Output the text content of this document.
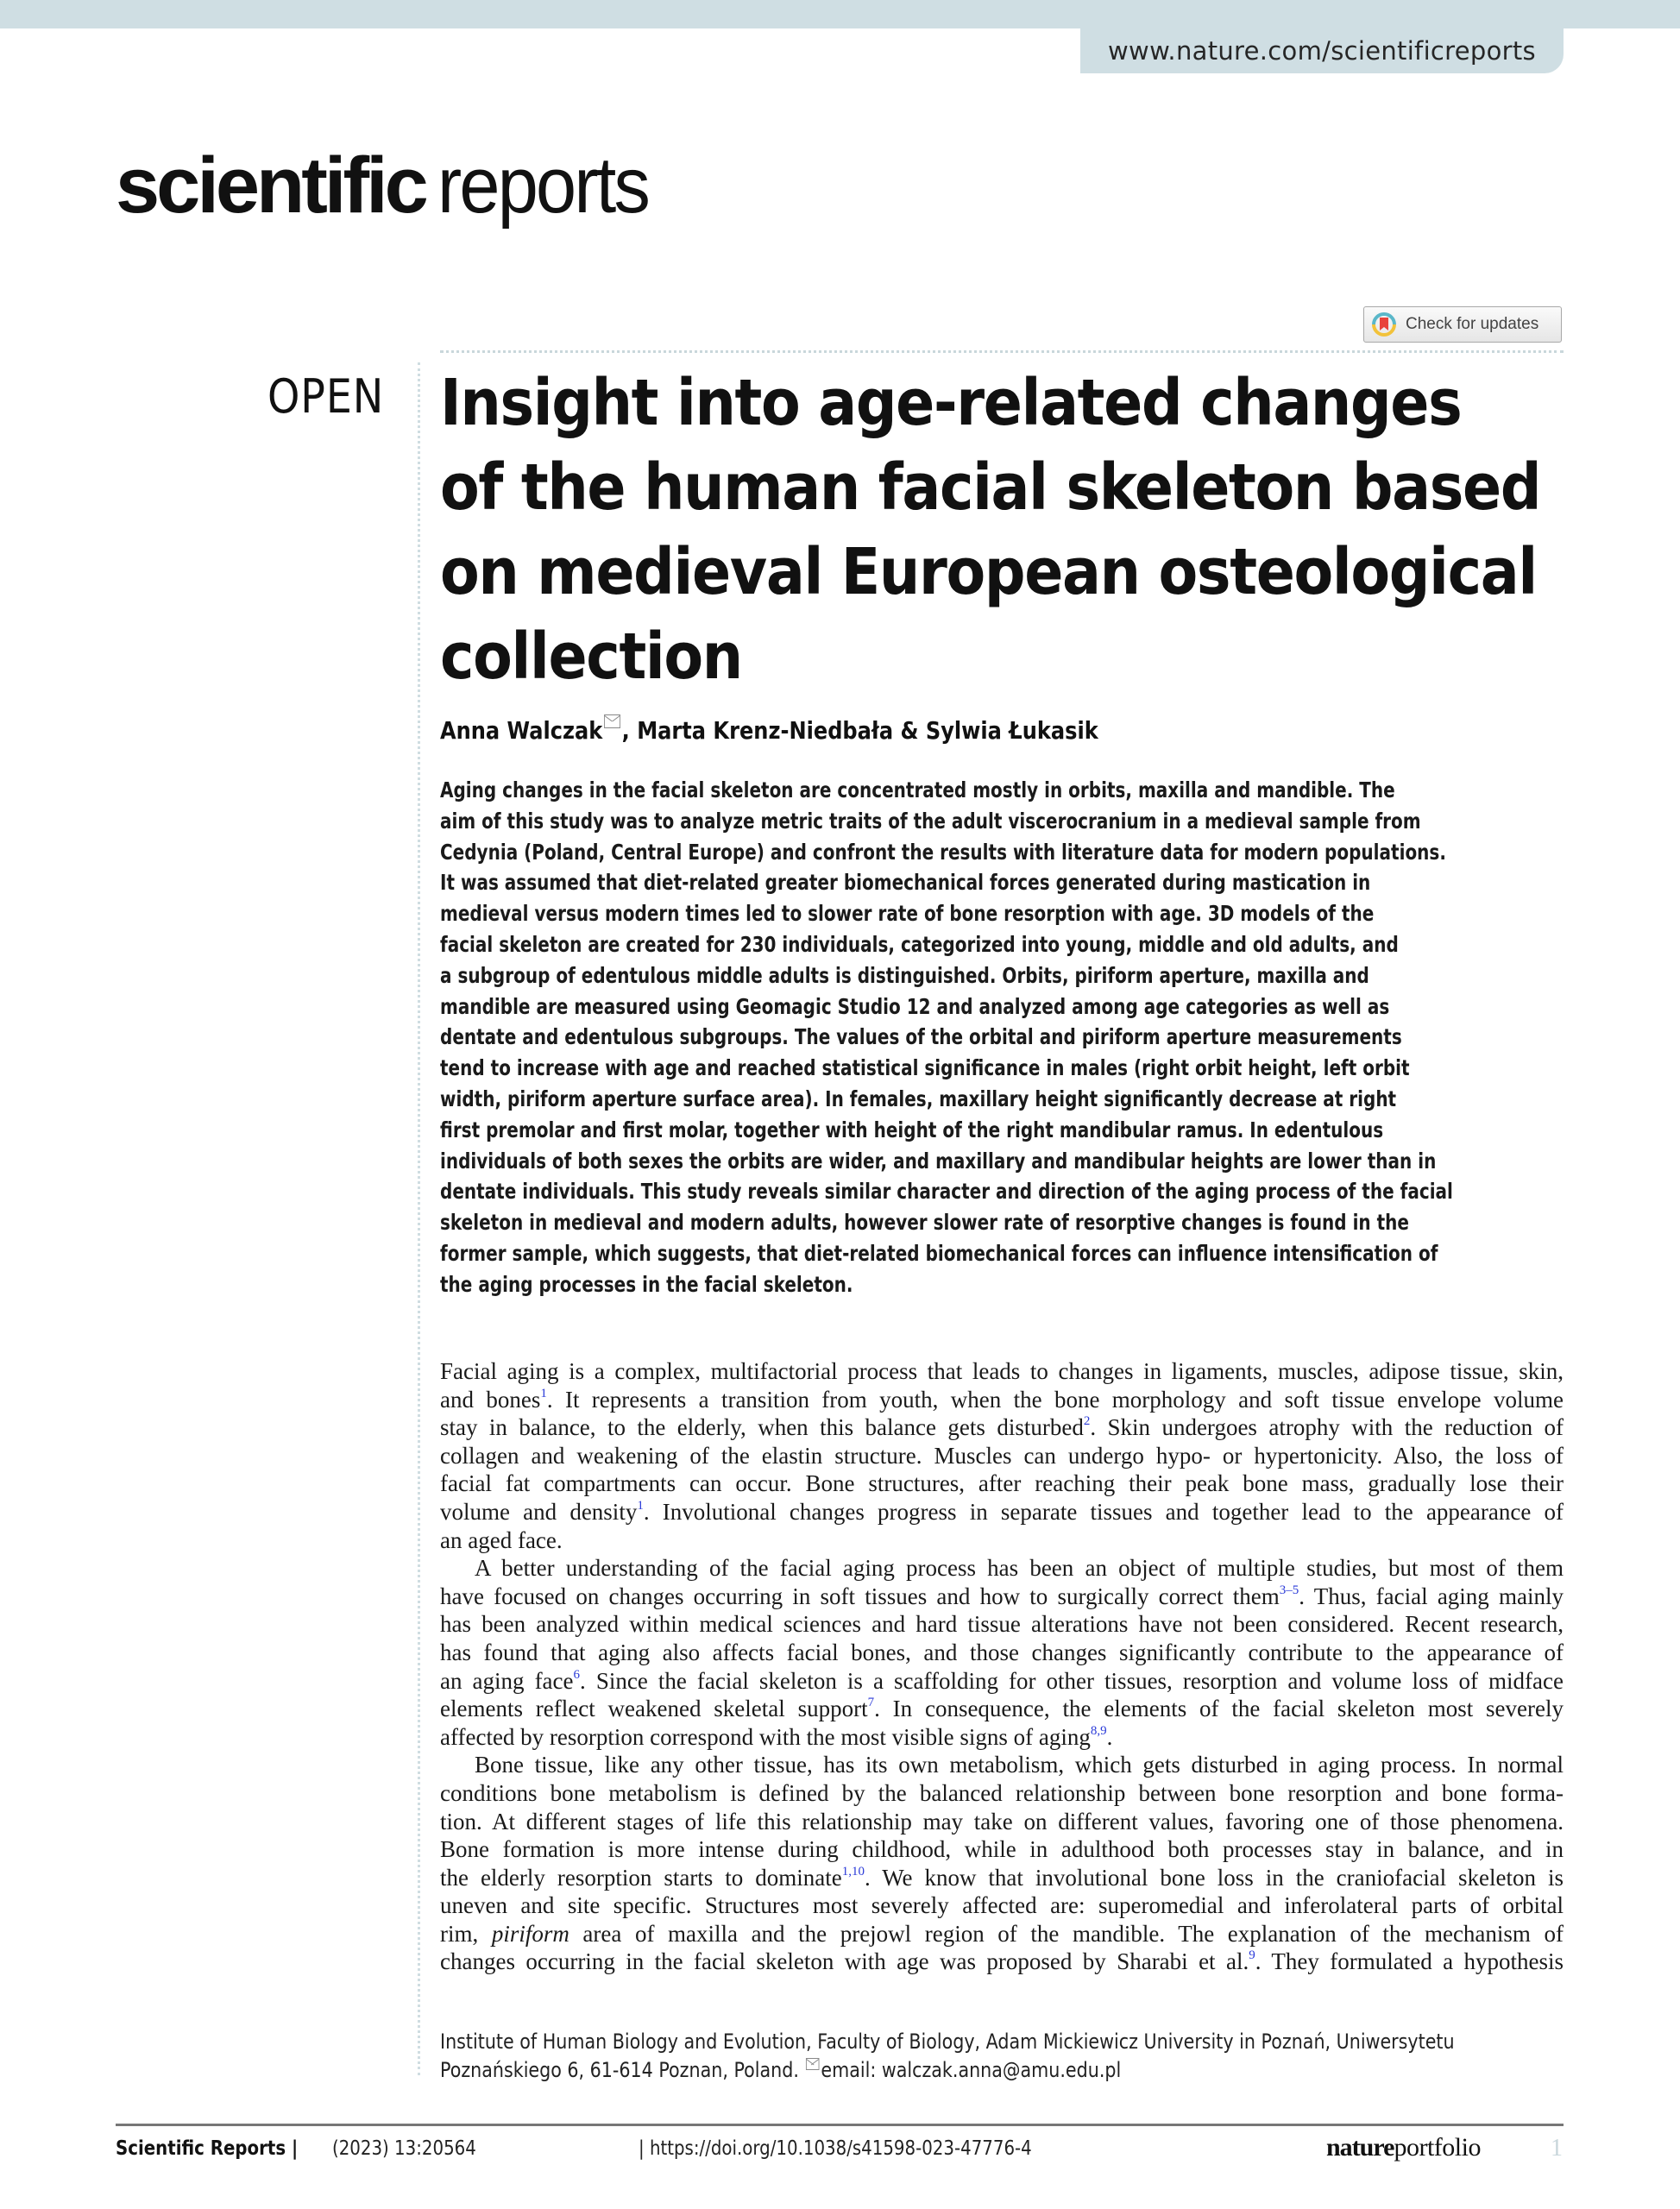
www.nature.com/scientificreports
scientific reports
Check for updates
OPEN Insight into age-related changes
of the human facial skeleton based
on medieval European osteological
collection
Anna Walczak , Marta Krenz-Niedbała & Sylwia Łukasik
Aging changes in the facial skeleton are concentrated mostly in orbits, maxilla and mandible. The
aim of this study was to analyze metric traits of the adult viscerocranium in a medieval sample from
Cedynia (Poland, Central Europe) and confront the results with literature data for modern populations.
It was assumed that diet-related greater biomechanical forces generated during mastication in
medieval versus modern times led to slower rate of bone resorption with age. 3D models of the
facial skeleton are created for 230 individuals, categorized into young, middle and old adults, and
a subgroup of edentulous middle adults is distinguished. Orbits, piriform aperture, maxilla and
mandible are measured using Geomagic Studio 12 and analyzed among age categories as well as
dentate and edentulous subgroups. The values of the orbital and piriform aperture measurements
tend to increase with age and reached statistical significance in males (right orbit height, left orbit
width, piriform aperture surface area). In females, maxillary height significantly decrease at right
first premolar and first molar, together with height of the right mandibular ramus. In edentulous
individuals of both sexes the orbits are wider, and maxillary and mandibular heights are lower than in
dentate individuals. This study reveals similar character and direction of the aging process of the facial
skeleton in medieval and modern adults, however slower rate of resorptive changes is found in the
former sample, which suggests, that diet-related biomechanical forces can influence intensification of
the aging processes in the facial skeleton.
Facial aging is a complex, multifactorial process that leads to changes in ligaments, muscles, adipose tissue, skin,
and bones$^1$. It represents a transition from youth, when the bone morphology and soft tissue envelope volume
stay in balance, to the elderly, when this balance gets disturbed$^2$. Skin undergoes atrophy with the reduction of
collagen and weakening of the elastin structure. Muscles can undergo hypo- or hypertonicity. Also, the loss of
facial fat compartments can occur. Bone structures, after reaching their peak bone mass, gradually lose their
volume and density$^1$. Involutional changes progress in separate tissues and together lead to the appearance of
an aged face.
A better understanding of the facial aging process has been an object of multiple studies, but most of them
have focused on changes occurring in soft tissues and how to surgically correct them$^{3-5}$. Thus, facial aging mainly
has been analyzed within medical sciences and hard tissue alterations have not been considered. Recent research,
has found that aging also affects facial bones, and those changes significantly contribute to the appearance of
an aging face$^6$. Since the facial skeleton is a scaffolding for other tissues, resorption and volume loss of midface
elements reflect weakened skeletal support$^7$. In consequence, the elements of the facial skeleton most severely
affected by resorption correspond with the most visible signs of aging$^{8,9}$.
Bone tissue, like any other tissue, has its own metabolism, which gets disturbed in aging process. In normal
conditions bone metabolism is defined by the balanced relationship between bone resorption and bone forma-
tion. At different stages of life this relationship may take on different values, favoring one of those phenomena.
Bone formation is more intense during childhood, while in adulthood both processes stay in balance, and in
the elderly resorption starts to dominate$^{1,10}$. We know that involutional bone loss in the craniofacial skeleton is
uneven and site specific. Structures most severely affected are: superomedial and inferolateral parts of orbital
rim, piriform area of maxilla and the prejowl region of the mandible. The explanation of the mechanism of
changes occurring in the facial skeleton with age was proposed by Sharabi et al.$^9$. They formulated a hypothesis
Institute of Human Biology and Evolution, Faculty of Biology, Adam Mickiewicz University in Poznań, Uniwersytetu
Poznańskiego 6, 61-614 Poznan, Poland. email: walczak.anna@amu.edu.pl
Scientific Reports | (2023) 13:20564	| https://doi.org/10.1038/s41598-023-47776-4	natureportfolio	1
